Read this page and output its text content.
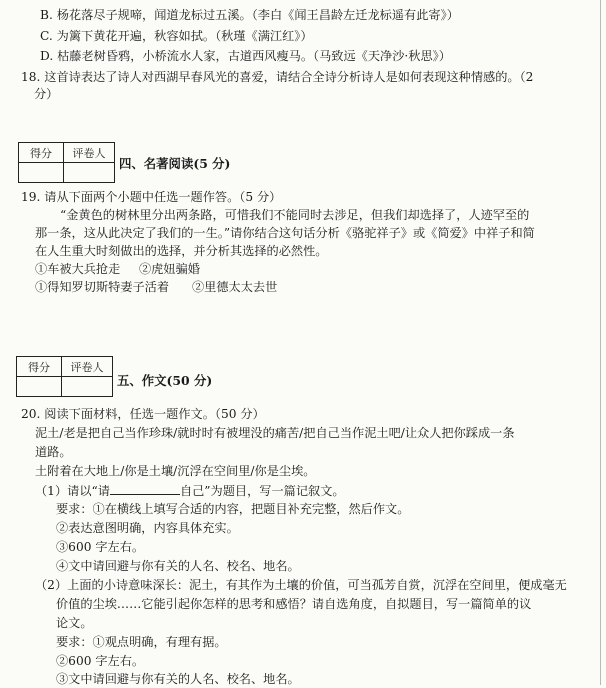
B. 杨花落尽子规啼，闻道龙标过五溪。（李白《闻王昌龄左迁龙标遥有此寄》）
C. 为篱下黄花开遍，秋容如拭。（秋瑾《满江红》）
D. 枯藤老树昏鸦，小桥流水人家，古道西风瘦马。（马致远《天净沙·秋思》）
18. 这首诗表达了诗人对西湖早春风光的喜爱，请结合全诗分析诗人是如何表现这种情感的。（2
分）
得分	评卷人

四、名著阅读(5 分)
19. 请从下面两个小题中任选一题作答。（5 分）
“金黄色的树林里分出两条路，可惜我们不能同时去涉足，但我们却选择了，人迹罕至的
那一条，这从此决定了我们的一生。”请你结合这句话分析《骆驼祥子》或《简爱》中祥子和简
在人生重大时刻做出的选择，并分析其选择的必然性。
①车被大兵抢走 ②虎妞骗婚
①得知罗切斯特妻子活着 ②里德太太去世
得分	评卷人

五、作文(50 分)
20. 阅读下面材料，任选一题作文。（50 分）
泥土/老是把自己当作珍珠/就时时有被埋没的痛苦/把自己当作泥土吧/让众人把你踩成一条
道路。
土附着在大地上/你是土壤/沉浮在空间里/你是尘埃。
（1）请以“请	自己”为题目，写一篇记叙文。
要求：①在横线上填写合适的内容，把题目补充完整，然后作文。
②表达意图明确，内容具体充实。
③600 字左右。
④文中请回避与你有关的人名、校名、地名。
（2）上面的小诗意味深长：泥土，有其作为土壤的价值，可当孤芳自赏，沉浮在空间里，便成毫无
价值的尘埃……它能引起你怎样的思考和感悟？请自选角度，自拟题目，写一篇简单的议
论文。
要求：①观点明确，有理有据。
②600 字左右。
③文中请回避与你有关的人名、校名、地名。
